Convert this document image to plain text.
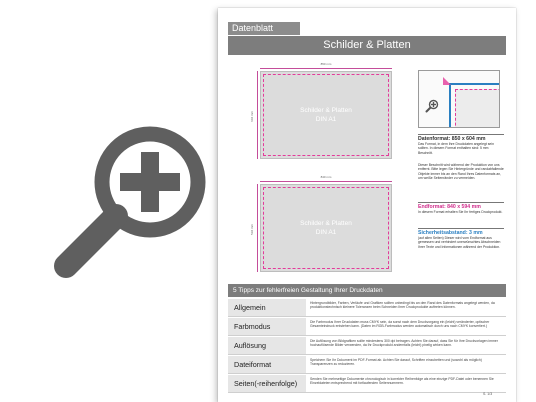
Datenblatt
Schilder & Platten
850 mm
604 mm
Schilder & Platten
DIN A1
840 mm
594 mm
Schilder & Platten
DIN A1
Datenformat: 850 x 604 mm
Das Format, in dem Ihre Druckdaten angelegt sein sollten. In diesem Format enthalten sind: 5 mm Beschnitt.
Dieser Beschnitt wird während der Produktion von uns entfernt. Bitte legen Sie Hintergründe und randabfallende Objekte immer bis an den Rand Ihres Datenformats an, um weiße Seitenränder zu vermeiden.
Endformat: 840 x 594 mm
In diesem Format erhalten Sie Ihr fertiges Druckprodukt.
Sicherheitsabstand: 3 mm
(auf allen Seiten) Dieser wird vom Endformat aus gemessen und verhindert unerwünschtes Abschneiden Ihrer Texte und Informationen während der Produktion.
5 Tipps zur fehlerfreien Gestaltung Ihrer Druckdaten
Allgemein	Hintergrundbilder, Farben, Verläufe und Grafiken sollten unbedingt bis an den Rand des Datenformats angelegt werden, da produktionstechnisch kleinere Toleranzen beim Schneiden Ihrer Druckprodukte auftreten können.
Farbmodus	Die Farbmodus Ihrer Druckdaten muss CMYK sein, da sonst nach dem Druckvorgang ein (leicht) veränderter, optischer Gesamteindruck entstehen kann. (Daten im RGB-Farbmodus werden automatisch durch uns nach CMYK konvertiert.)
Auflösung	Die Auflösung von Bildgrafiken sollte mindestens 300 dpi betragen. Achten Sie darauf, dass Sie für Ihre Druckvorlagen immer hochauflösende Bilder verwenden, da Ihr Druckprodukt andernfalls (leicht) pixelig wirken kann.
Dateiformat	Speichern Sie Ihr Dokument im PDF-Format ab. Achten Sie darauf, Schriften einzubetten und (sowohl als möglich) Transparenzen zu reduzieren.
Seiten(-reihenfolge)	Senden Sie mehrseitige Dokumente chronologisch in korrekter Reihenfolge als eine einzige PDF-Datei oder benennen Sie Einzeldateien entsprechend mit fortlaufenden Seitennummern.
S. 1/3
